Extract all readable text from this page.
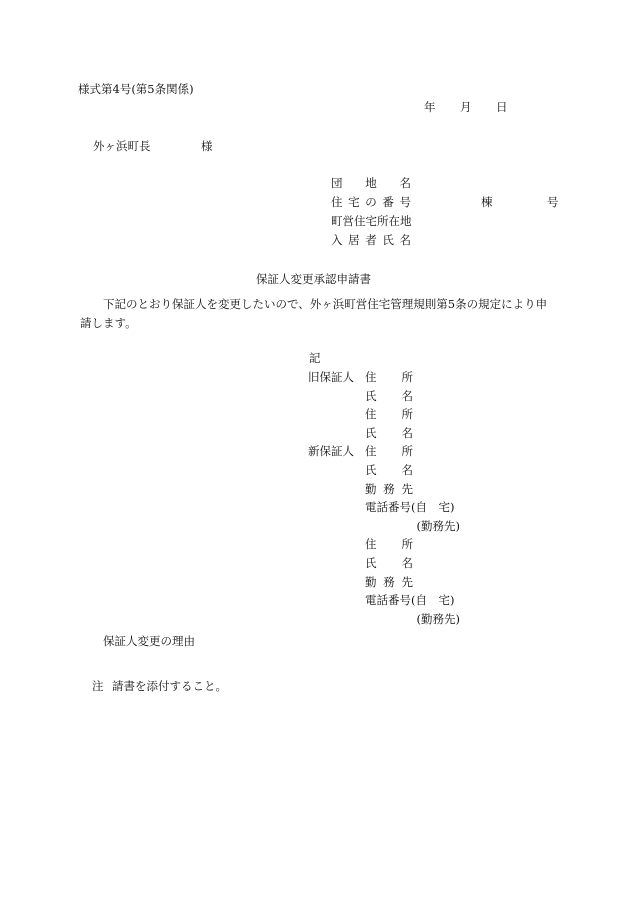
様式第4号(第5条関係)
年 月 日
外ヶ浜町長	様
団地名
住宅の番号	棟	号
町営住宅所在地
入居者氏名
保証人変更承認申請書
下記のとおり保証人を変更したいので、外ヶ浜町営住宅管理規則第5条の規定により申請します。
記
旧保証人 住所
氏名
住所
氏名
新保証人 住所
氏名
勤務先
電話番号(自　宅)
(勤務先)
住所
氏名
勤務先
電話番号(自　宅)
(勤務先)
保証人変更の理由
注 請書を添付すること。
